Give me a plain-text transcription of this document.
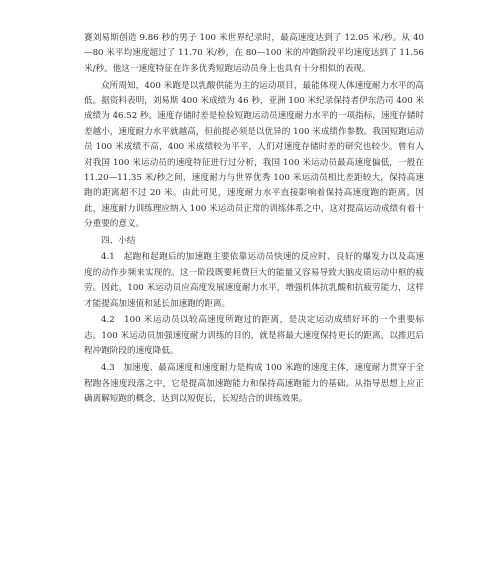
赛刘易斯创造 9.86 秒的男子 100 米世界纪录时，最高速度达到了 12.05 米/秒。从 40—80 米平均速度超过了 11.70 米/秒，在 80—100 米的冲跑阶段平均速度达到了 11.56 米/秒。他这一速度特征在许多优秀短跑运动员身上也具有十分相似的表现。

众所周知，400 米跑是以乳酸供能为主的运动项目，最能体现人体速度耐力水平的高低。据资料表明，刘易斯 400 米成绩为 46 秒，亚洲 100 米纪录保持者伊东浩司 400 米成绩为 46.52 秒。速度存储时差是检验短跑运动员速度耐力水平的一项指标，速度存储时差越小，速度耐力水平就越高，但前提必须是以优异的 100 米成绩作参数。我国短跑运动员 100 米成绩不高，400 米成绩较为平平，人们对速度存储时差的研究也较少。曾有人对我国 100 米运动员的速度特征进行过分析，我国 100 米运动员最高速度偏低，一般在 11.20—11.35 米/秒之间，速度耐力与世界优秀 100 米运动员相比差距较大，保持高速跑的距离超不过 20 米。由此可见，速度耐力水平直接影响着保持高速度跑的距离。因此，速度耐力训练理应纳入 100 米运动员正常的训练体系之中，这对提高运动成绩有着十分重要的意义。

四、小结

4.1　起跑和起跑后的加速跑主要依靠运动员快速的反应时、良好的爆发力以及高速度的动作步频来实现的。这一阶段既要耗费巨大的能量又容易导致大脑皮质运动中枢的疲劳。因此，100 米运动员应高度发展速度耐力水平，增强机体抗乳酸和抗疲劳能力，这样才能提高加速值和延长加速跑的距离。

4.2　100 米运动员以较高速度所跑过的距离，是决定运动成绩好坏的一个重要标志。100 米运动员加强速度耐力训练的目的，就是将最大速度保持更长的距离，以推迟后程冲跑阶段的速度降低。

4.3　加速度、最高速度和速度耐力是构成 100 米跑的速度主体，速度耐力贯穿于全程跑各速度段落之中，它是提高加速跑能力和保持高速跑能力的基础。从指导思想上应正确离解短跑的概念，达到以短促长，长短结合的训练效果。
